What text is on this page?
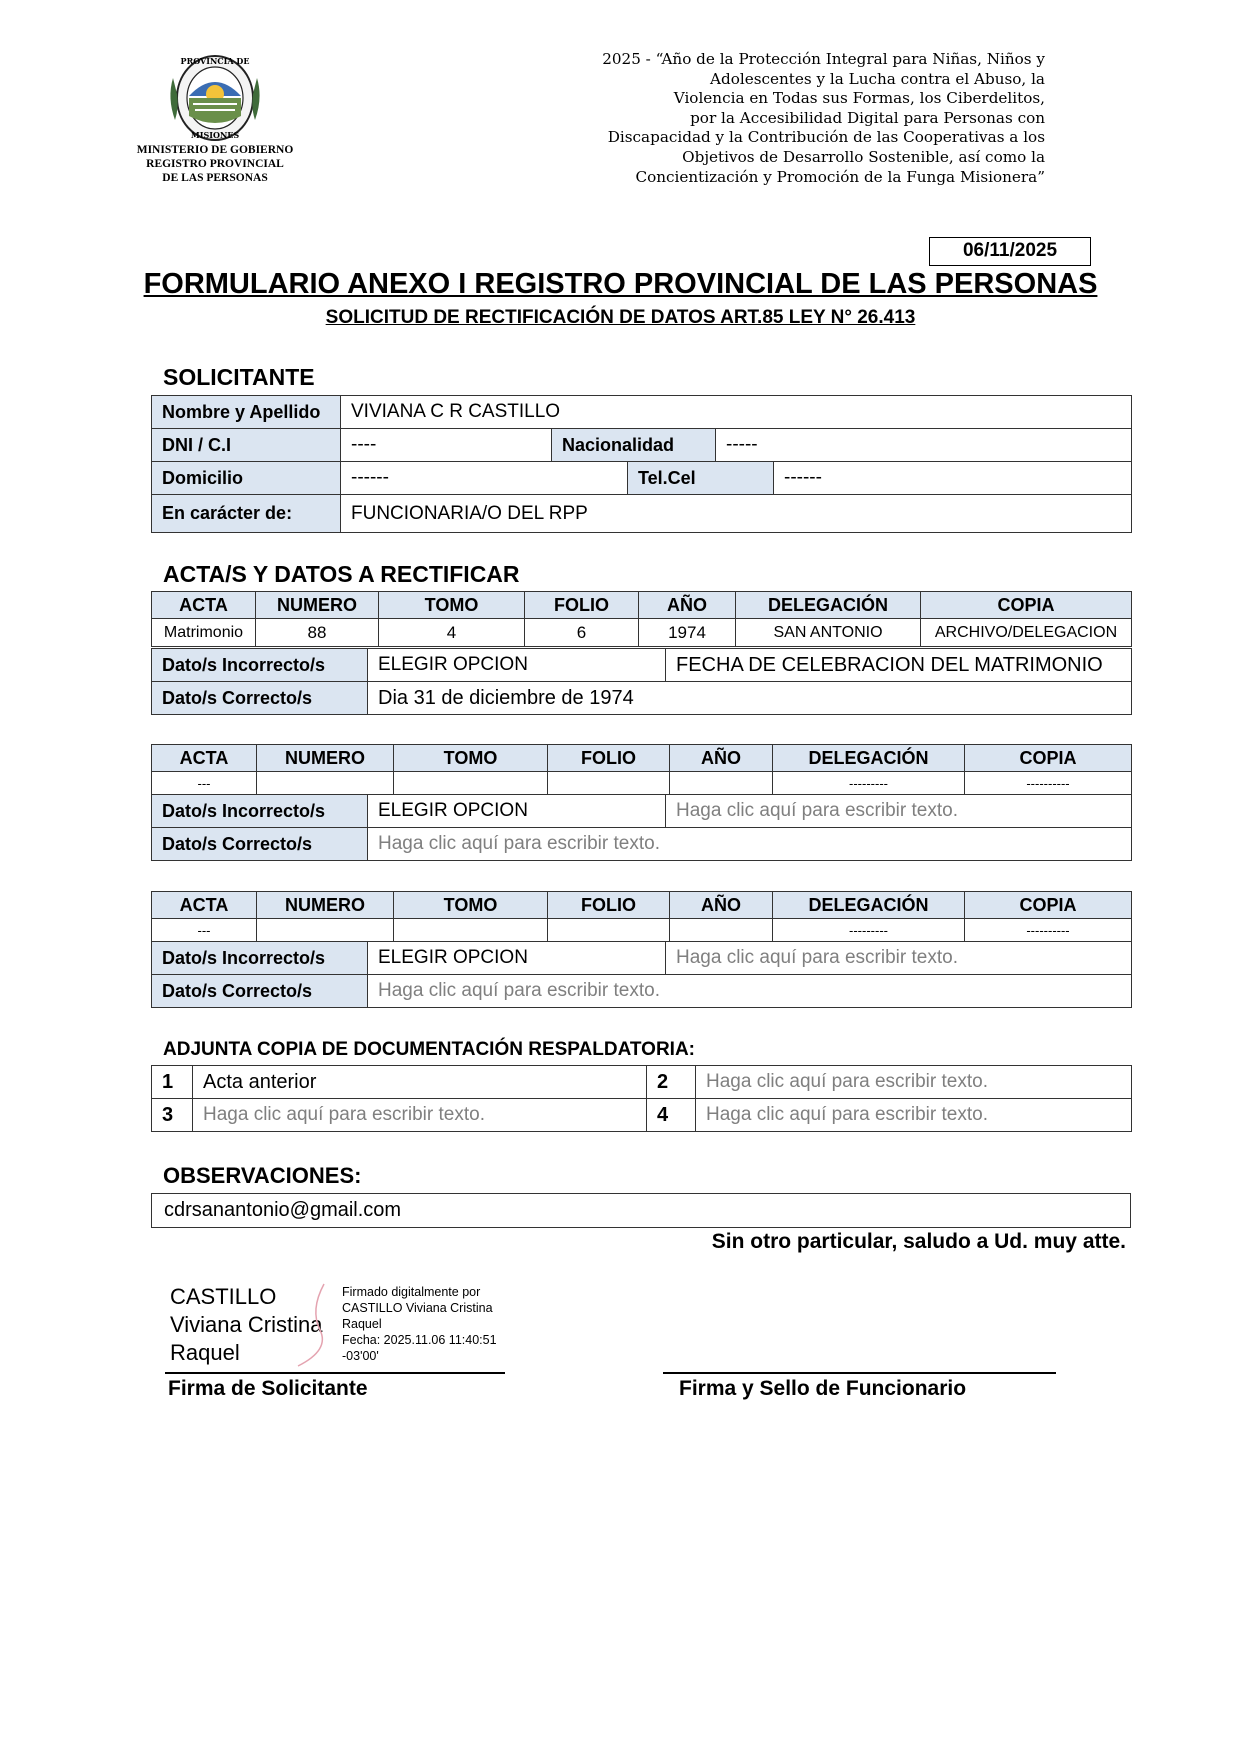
PROVINCIA DE
MISIONES
MINISTERIO DE GOBIERNO
REGISTRO PROVINCIAL
DE LAS PERSONAS
2025 - “Año de la Protección Integral para Niñas, Niños y
Adolescentes y la Lucha contra el Abuso, la
Violencia en Todas sus Formas, los Ciberdelitos,
por la Accesibilidad Digital para Personas con
Discapacidad y la Contribución de las Cooperativas a los
Objetivos de Desarrollo Sostenible, así como la
Concientización y Promoción de la Funga Misionera”
06/11/2025
FORMULARIO ANEXO I REGISTRO PROVINCIAL DE LAS PERSONAS
SOLICITUD DE RECTIFICACIÓN DE DATOS ART.85 LEY N° 26.413
SOLICITANTE
Nombre y Apellido	VIVIANA C R CASTILLO				
DNI / C.I	----	Nacionalidad		-----	
Domicilio	------		Tel.Cel		------
En carácter de:	FUNCIONARIA/O DEL RPP				
ACTA/S Y DATOS A RECTIFICAR
ACTA	NUMERO	TOMO	FOLIO	AÑO	DELEGACIÓN	COPIA
Matrimonio	88	4	6	1974	SAN ANTONIO	ARCHIVO/DELEGACION
Dato/s Incorrecto/s	ELEGIR OPCION	FECHA DE CELEBRACION DEL MATRIMONIO
Dato/s Correcto/s	Dia 31 de diciembre de 1974	
ACTA	NUMERO	TOMO	FOLIO	AÑO	DELEGACIÓN	COPIA
---					---------	----------
Dato/s Incorrecto/s	ELEGIR OPCION	Haga clic aquí para escribir texto.
Dato/s Correcto/s	Haga clic aquí para escribir texto.	
ACTA	NUMERO	TOMO	FOLIO	AÑO	DELEGACIÓN	COPIA
---					---------	----------
Dato/s Incorrecto/s	ELEGIR OPCION	Haga clic aquí para escribir texto.
Dato/s Correcto/s	Haga clic aquí para escribir texto.	
ADJUNTA COPIA DE DOCUMENTACIÓN RESPALDATORIA:
1	Acta anterior	2	Haga clic aquí para escribir texto.
3	Haga clic aquí para escribir texto.	4	Haga clic aquí para escribir texto.
OBSERVACIONES:
cdrsanantonio@gmail.com
Sin otro particular, saludo a Ud. muy atte.
CASTILLO
Viviana Cristina
Raquel
Firmado digitalmente por
CASTILLO Viviana Cristina
Raquel
Fecha: 2025.11.06 11:40:51
-03'00'
Firma de Solicitante	Firma y Sello de Funcionario
